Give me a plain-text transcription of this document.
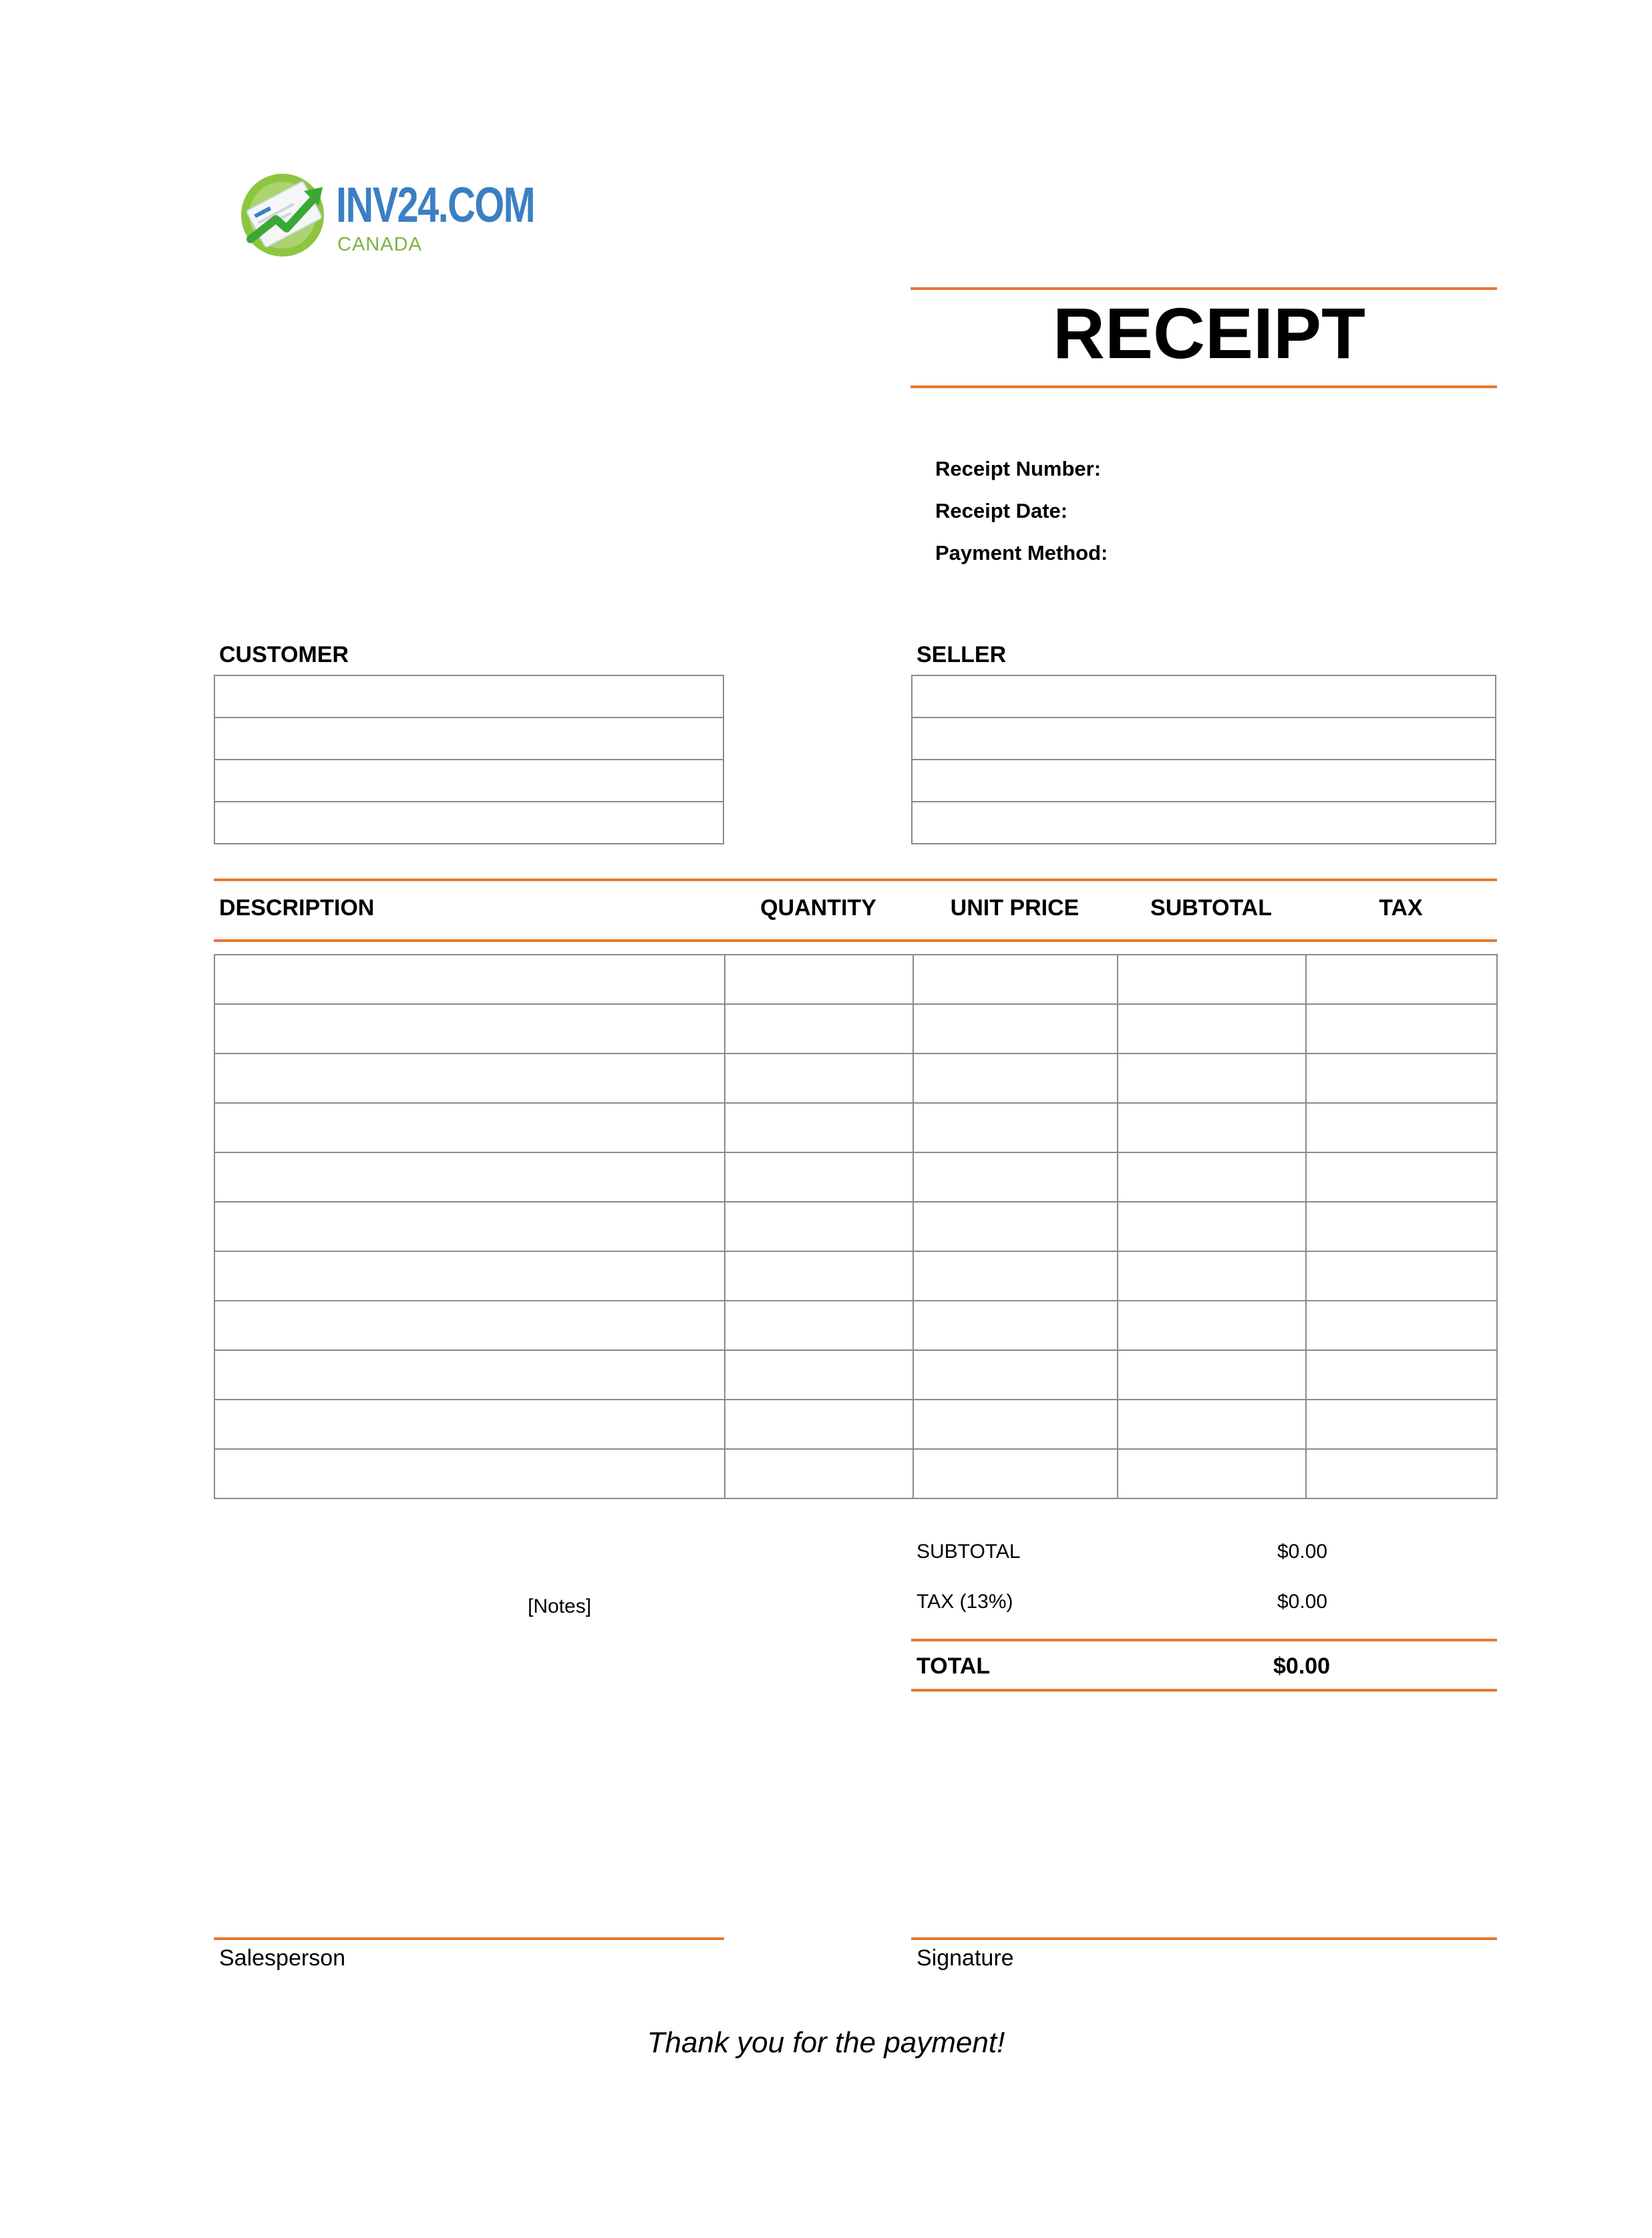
INV24.COM
CANADA
RECEIPT
Receipt Number:
Receipt Date:
Payment Method:
CUSTOMER	SELLER
DESCRIPTION	QUANTITY	UNIT PRICE	SUBTOTAL	TAX

[Notes]
SUBTOTAL	$0.00
TAX (13%)	$0.00
TOTAL	$0.00
Salesperson	Signature
Thank you for the payment!
